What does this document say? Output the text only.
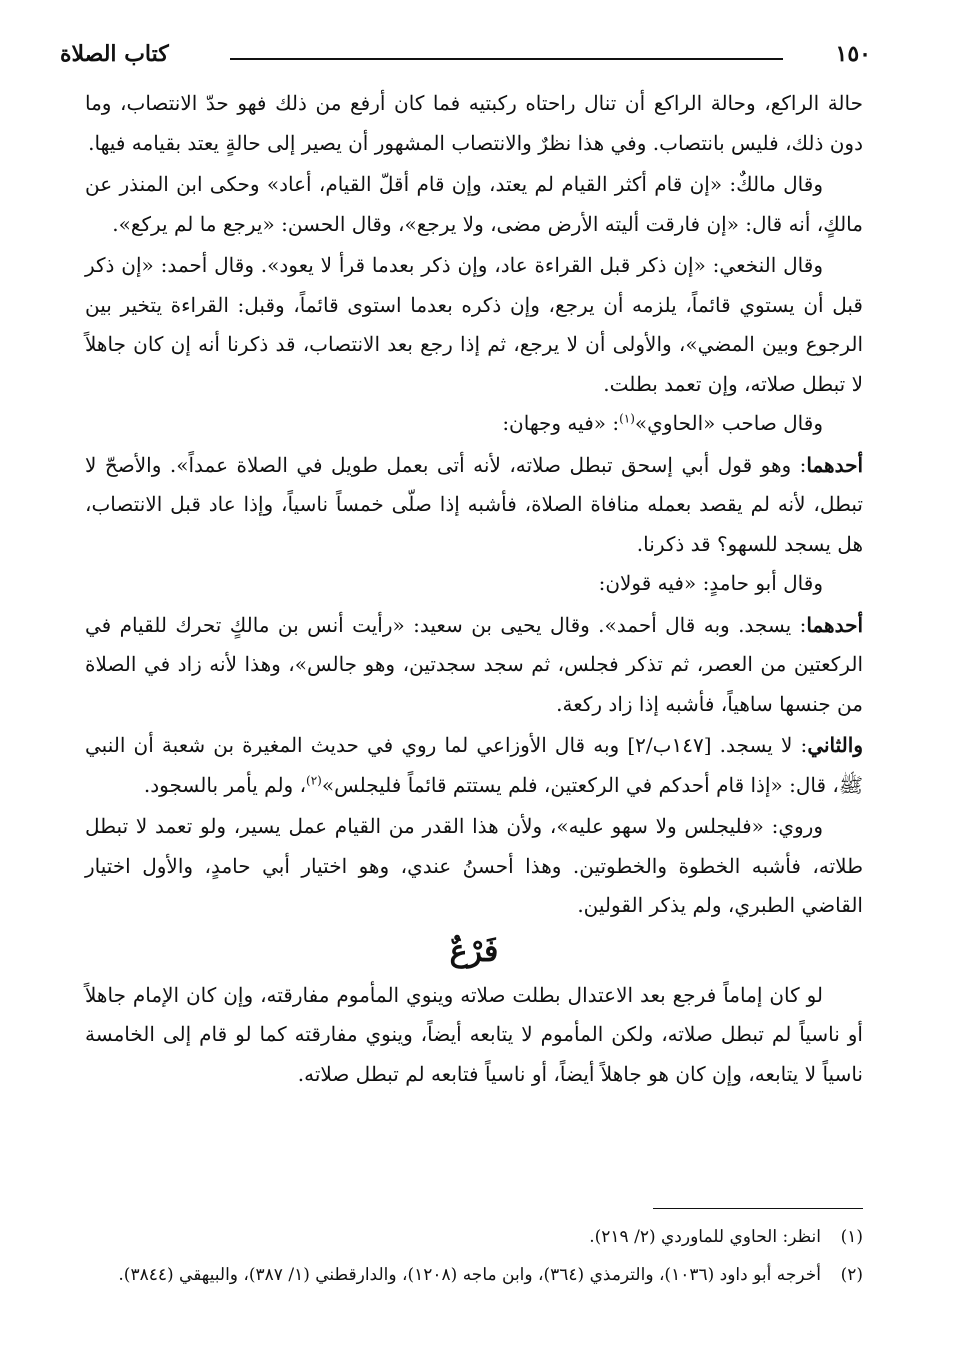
١٥٠
كتاب الصلاة

حالة الراكع، وحالة الراكع أن تنال راحتاه ركبتيه فما كان أرفع من ذلك فهو حدّ الانتصاب، وما دون ذلك، فليس بانتصاب. وفي هذا نظرٌ والانتصاب المشهور أن يصير إلى حالةٍ يعتد بقيامه فيها.

وقال مالكٌ: «إن قام أكثر القيام لم يعتد، وإن قام أقلّ القيام، أعاد» وحكى ابن المنذر عن مالكٍ، أنه قال: «إن فارقت أليته الأرض مضى، ولا يرجع»، وقال الحسن: «يرجع ما لم يركع».

وقال النخعي: «إن ذكر قبل القراءة عاد، وإن ذكر بعدما قرأ لا يعود». وقال أحمد: «إن ذكر قبل أن يستوي قائماً، يلزمه أن يرجع، وإن ذكره بعدما استوى قائماً، وقبل: القراءة يتخير بين الرجوع وبين المضي»، والأولى أن لا يرجع، ثم إذا رجع بعد الانتصاب، قد ذكرنا أنه إن كان جاهلاً لا تبطل صلاته، وإن تعمد بطلت.

وقال صاحب «الحاوي»$^{(١)}$: «فيه وجهان:

أحدهما: وهو قول أبي إسحق تبطل صلاته، لأنه أتى بعمل طويل في الصلاة عمداً». والأصحّ لا تبطل، لأنه لم يقصد بعمله منافاة الصلاة، فأشبه إذا صلّى خمساً ناسياً، وإذا عاد قبل الانتصاب، هل يسجد للسهو؟ قد ذكرنا.

وقال أبو حامدٍ: «فيه قولان:

أحدهما: يسجد. وبه قال أحمد». وقال يحيى بن سعيد: «رأيت أنس بن مالكٍ تحرك للقيام في الركعتين من العصر، ثم تذكر فجلس، ثم سجد سجدتين، وهو جالس»، وهذا لأنه زاد في الصلاة من جنسها ساهياً، فأشبه إذا زاد ركعة.

والثاني: لا يسجد. [١٤٧ب/٢] وبه قال الأوزاعي لما روي في حديث المغيرة بن شعبة أن النبي ﷺ، قال: «إذا قام أحدكم في الركعتين، فلم يستتم قائماً فليجلس»$^{(٢)}$، ولم يأمر بالسجود.

وروي: «فليجلس ولا سهو عليه»، ولأن هذا القدر من القيام عمل يسير، ولو تعمد لا تبطل طلاته، فأشبه الخطوة والخطوتين. وهذا أحسنُ عندي، وهو اختيار أبي حامدٍ، والأول اختيار القاضي الطبري، ولم يذكر القولين.

فَرْعٌ

لو كان إماماً فرجع بعد الاعتدال بطلت صلاته وينوي المأموم مفارقته، وإن كان الإمام جاهلاً أو ناسياً لم تبطل صلاته، ولكن المأموم لا يتابعه أيضاً، وينوي مفارقته كما لو قام إلى الخامسة ناسياً لا يتابعه، وإن كان هو جاهلاً أيضاً، أو ناسياً فتابعه لم تبطل صلاته.

(١)
انظر: الحاوي للماوردي (٢/ ٢١٩).
(٢)
أخرجه أبو داود (١٠٣٦)، والترمذي (٣٦٤)، وابن ماجه (١٢٠٨)، والدارقطني (١/ ٣٨٧)، والبيهقي (٣٨٤٤).
